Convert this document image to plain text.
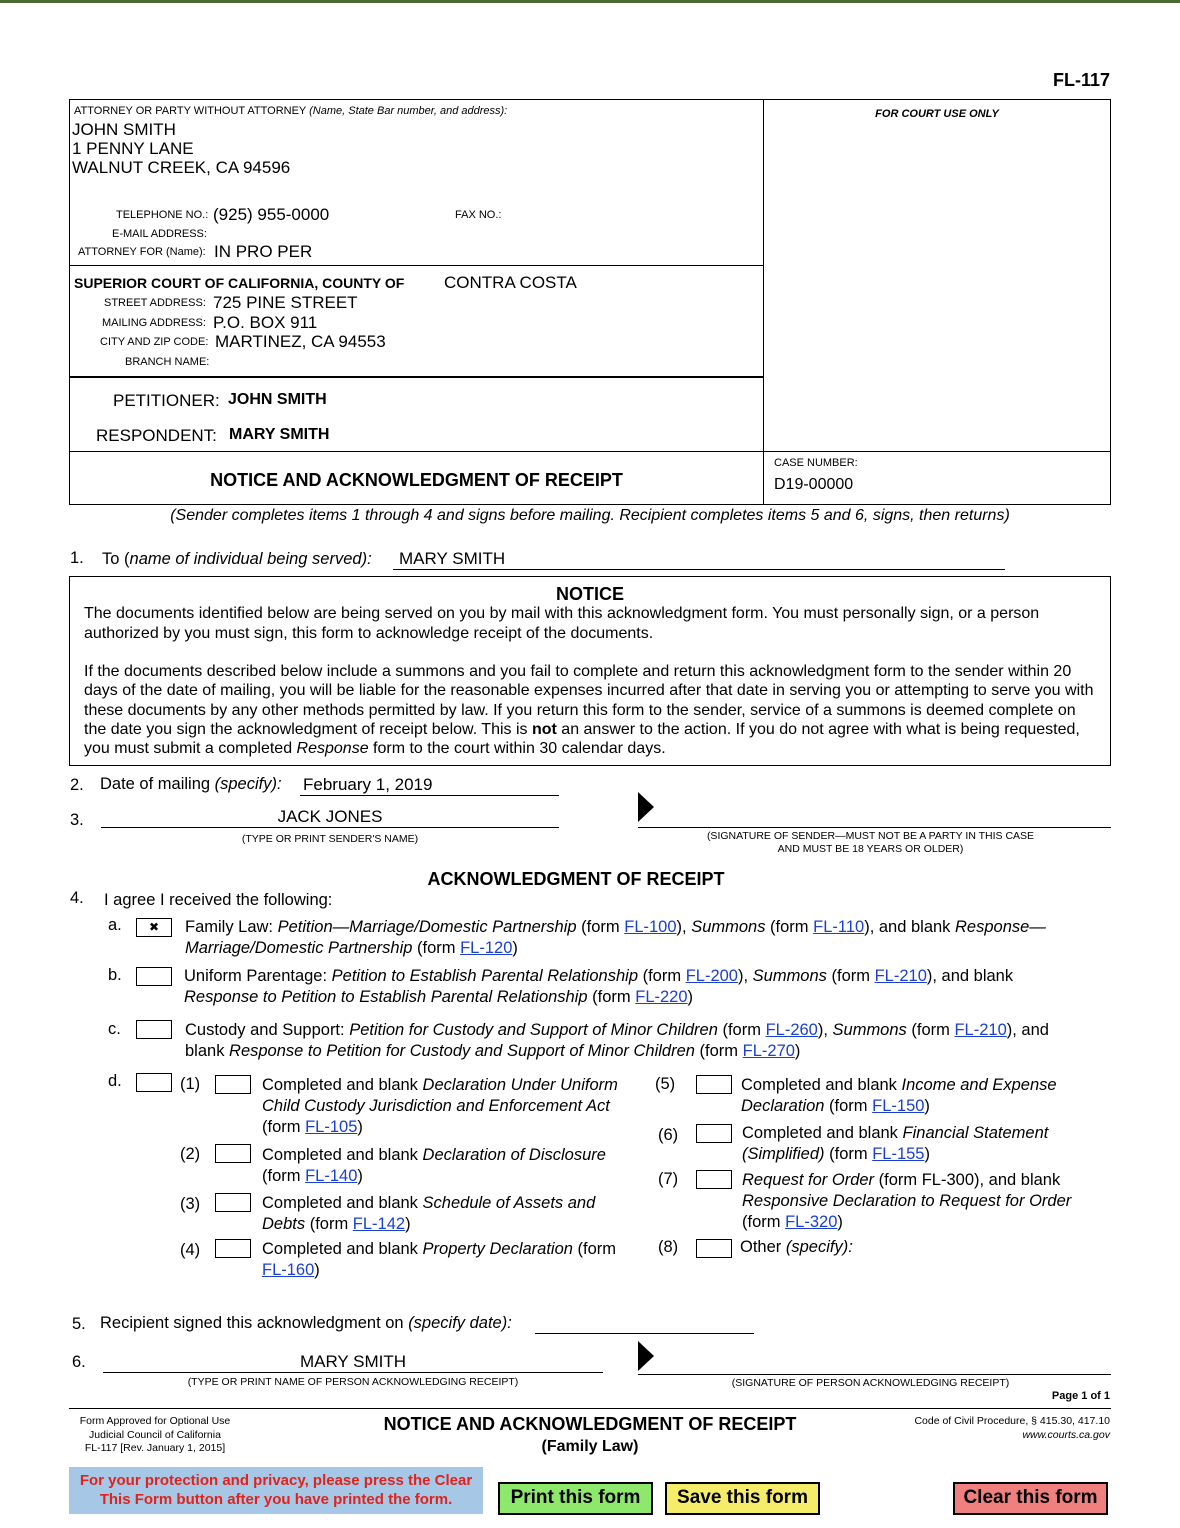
FL-117
ATTORNEY OR PARTY WITHOUT ATTORNEY (Name, State Bar number, and address):
JOHN SMITH
1 PENNY LANE
WALNUT CREEK, CA 94596
TELEPHONE NO.: (925) 955-0000	FAX NO.:
E-MAIL ADDRESS:
ATTORNEY FOR (Name): IN PRO PER
FOR COURT USE ONLY
SUPERIOR COURT OF CALIFORNIA, COUNTY OF CONTRA COSTA
STREET ADDRESS: 725 PINE STREET
MAILING ADDRESS: P.O. BOX 911
CITY AND ZIP CODE: MARTINEZ, CA 94553
BRANCH NAME:
PETITIONER: JOHN SMITH
RESPONDENT: MARY SMITH
NOTICE AND ACKNOWLEDGMENT OF RECEIPT
CASE NUMBER:
D19-00000
(Sender completes items 1 through 4 and signs before mailing. Recipient completes items 5 and 6, signs, then returns)
1. To (name of individual being served):	MARY SMITH
NOTICE
The documents identified below are being served on you by mail with this acknowledgment form. You must personally sign, or a person authorized by you must sign, this form to acknowledge receipt of the documents.
If the documents described below include a summons and you fail to complete and return this acknowledgment form to the sender within 20 days of the date of mailing, you will be liable for the reasonable expenses incurred after that date in serving you or attempting to serve you with these documents by any other methods permitted by law. If you return this form to the sender, service of a summons is deemed complete on the date you sign the acknowledgment of receipt below. This is not an answer to the action. If you do not agree with what is being requested, you must submit a completed Response form to the court within 30 calendar days.
2. Date of mailing (specify): February 1, 2019
3.	JACK JONES
(TYPE OR PRINT SENDER'S NAME)	(SIGNATURE OF SENDER—MUST NOT BE A PARTY IN THIS CASE
AND MUST BE 18 YEARS OR OLDER)
ACKNOWLEDGMENT OF RECEIPT
4. I agree I received the following:
a.	✖	Family Law: Petition—Marriage/Domestic Partnership (form FL-100), Summons (form FL-110), and blank Response—
Marriage/Domestic Partnership (form FL-120)
b.	Uniform Parentage: Petition to Establish Parental Relationship (form FL-200), Summons (form FL-210), and blank
Response to Petition to Establish Parental Relationship (form FL-220)
c.	Custody and Support: Petition for Custody and Support of Minor Children (form FL-260), Summons (form FL-210), and
blank Response to Petition for Custody and Support of Minor Children (form FL-270)
d.	(1)	Completed and blank Declaration Under Uniform
Child Custody Jurisdiction and Enforcement Act
(form FL-105)
(2)	Completed and blank Declaration of Disclosure
(form FL-140)
(3)	Completed and blank Schedule of Assets and
Debts (form FL-142)
(4)	Completed and blank Property Declaration (form
FL-160)
(5)	Completed and blank Income and Expense
Declaration (form FL-150)
(6)	Completed and blank Financial Statement
(Simplified) (form FL-155)
(7)	Request for Order (form FL-300), and blank
Responsive Declaration to Request for Order
(form FL-320)
(8)	Other (specify):
5. Recipient signed this acknowledgment on (specify date):
6.	MARY SMITH
(TYPE OR PRINT NAME OF PERSON ACKNOWLEDGING RECEIPT)	(SIGNATURE OF PERSON ACKNOWLEDGING RECEIPT)
Page 1 of 1
Form Approved for Optional Use
Judicial Council of California
FL-117 [Rev. January 1, 2015]
NOTICE AND ACKNOWLEDGMENT OF RECEIPT
(Family Law)
Code of Civil Procedure, § 415.30, 417.10
www.courts.ca.gov
For your protection and privacy, please press the Clear
This Form button after you have printed the form.	Print this form	Save this form	Clear this form
